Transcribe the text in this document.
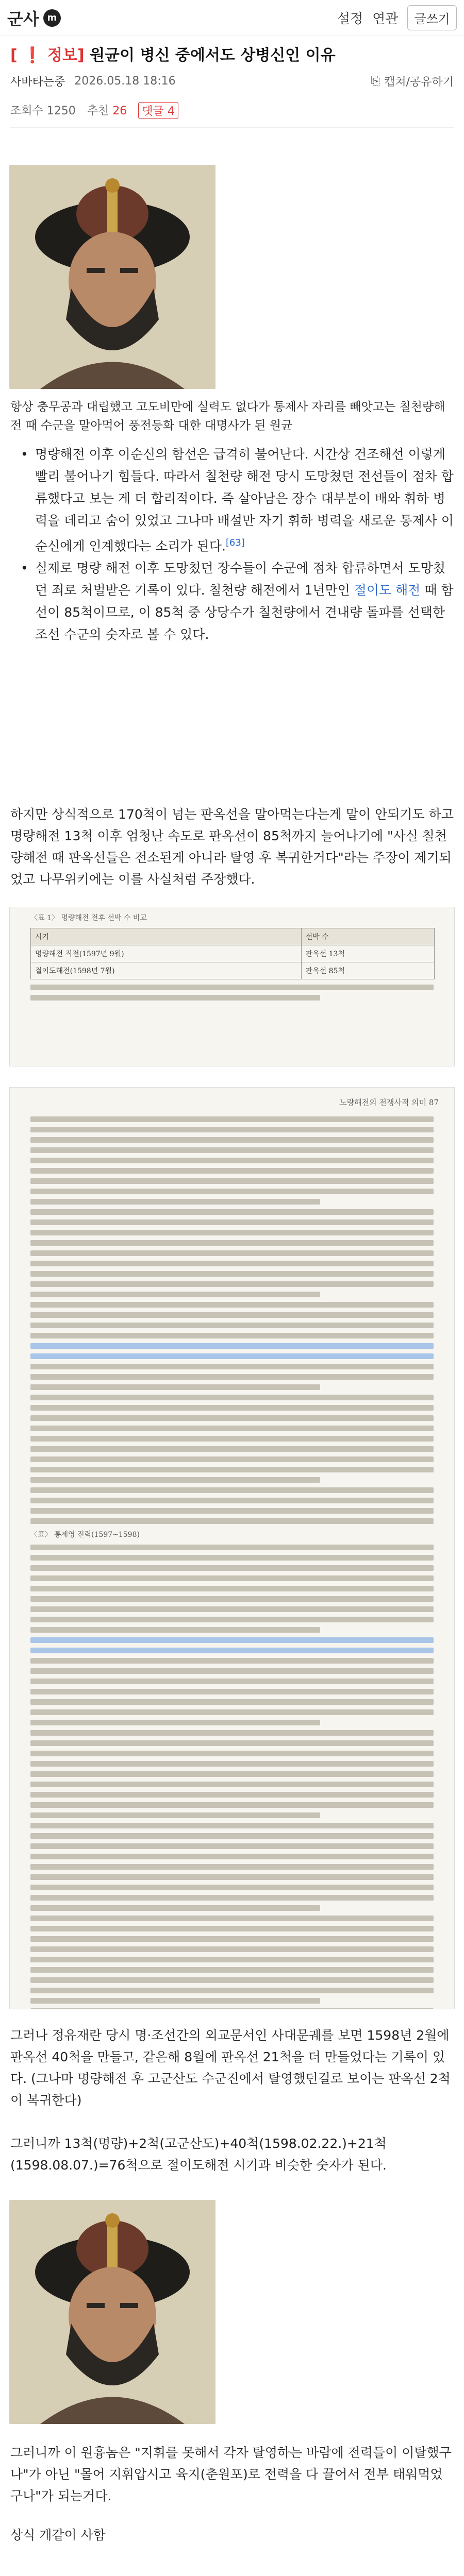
군사 m	설정 연관	글쓰기
[ ❗ 정보] 원균이 병신 중에서도 상병신인 이유
사바타는중 2026.05.18 18:16	⎘ 캡쳐/공유하기
조회수 1250 추천 26	댓글 4

항상 충무공과 대립했고 고도비만에 실력도 없다가 통제사 자리를 빼앗고는 칠천량해전 때 수군을 말아먹어 풍전등화 대한 대명사가 된 원균

• 명량해전 이후 이순신의 함선은 급격히 불어난다. 시간상 건조해선 이렇게 빨리 불어나기 힘들다. 따라서 칠천량 해전 당시 도망쳤던 전선들이 점차 합류했다고 보는 게 더 합리적이다. 즉 살아남은 장수 대부분이 배와 휘하 병력을 데리고 숨어 있었고 그나마 배설만 자기 휘하 병력을 새로운 통제사 이순신에게 인계했다는 소리가 된다.[63]
• 실제로 명량 해전 이후 도망쳤던 장수들이 수군에 점차 합류하면서 도망쳤던 죄로 처벌받은 기록이 있다. 칠천량 해전에서 1년만인 절이도 해전 때 함선이 85척이므로, 이 85척 중 상당수가 칠천량에서 견내량 돌파를 선택한 조선 수군의 숫자로 볼 수 있다.

하지만 상식적으로 170척이 넘는 판옥선을 말아먹는다는게 말이 안되기도 하고 명량해전 13척 이후 엄청난 속도로 판옥선이 85척까지 늘어나기에 "사실 칠천량해전 때 판옥선들은 전소된게 아니라 탈영 후 복귀한거다"라는 주장이 제기되었고 나무위키에는 이를 사실처럼 주장했다.

〈표 1〉 명량해전 전후 선박 수 비교
시기	선박 수
명량해전 직전(1597년 9월)	판옥선 13척
절이도해전(1598년 7월)	판옥선 85척
노량해전의 전쟁사적 의미 87
〈표〉 통제영 전력(1597~1598)

그러나 정유재란 당시 명·조선간의 외교문서인 사대문궤를 보면 1598년 2월에 판옥선 40척을 만들고, 같은해 8월에 판옥선 21척을 더 만들었다는 기록이 있다. (그나마 명량해전 후 고군산도 수군진에서 탈영했던걸로 보이는 판옥선 2척이 복귀한다)

그러니까 13척(명량)+2척(고군산도)+40척(1598.02.22.)+21척(1598.08.07.)=76척으로 절이도해전 시기과 비슷한 숫자가 된다.

그러니까 이 원흉놈은 "지휘를 못해서 각자 탈영하는 바람에 전력들이 이탈했구나"가 아닌 "몰어 지휘압시고 육지(춘원포)로 전력을 다 끌어서 전부 태워먹었구나"가 되는거다.

상식 개같이 사함
